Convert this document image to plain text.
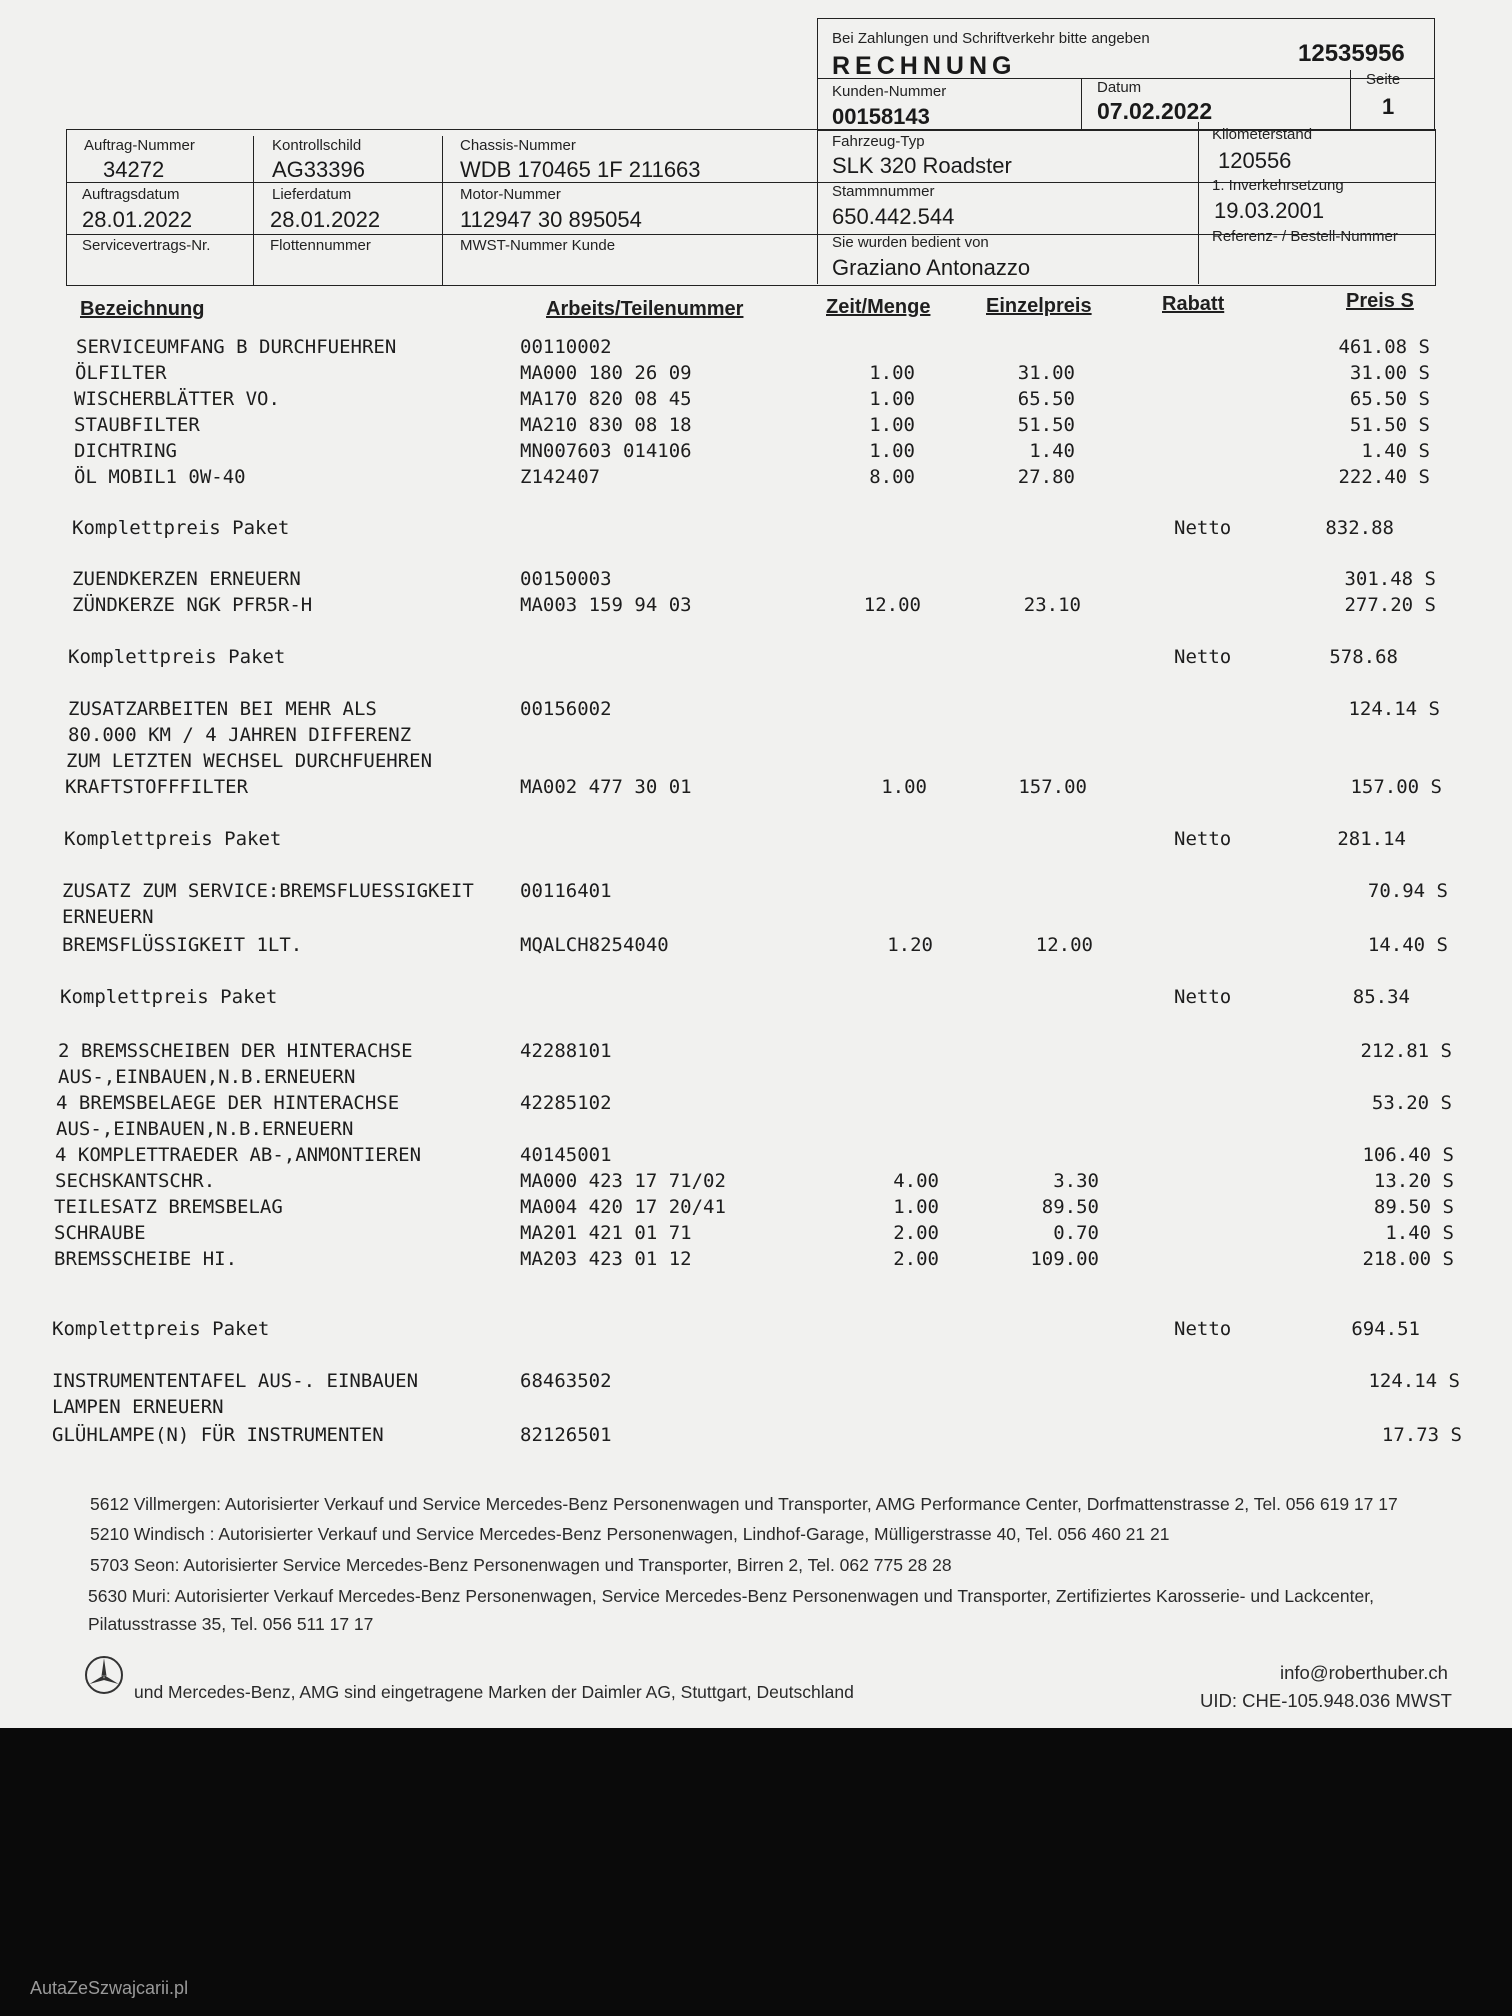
Bei Zahlungen und Schriftverkehr bitte angeben
RECHNUNG	12535956
Kunden-Nummer
00158143
Datum
07.02.2022
Seite
1
Auftrag-Nummer
34272
Kontrollschild
AG33396
Chassis-Nummer
WDB 170465 1F 211663
Fahrzeug-Typ
SLK 320 Roadster
Kilometerstand
120556
Auftragsdatum
28.01.2022
Lieferdatum
28.01.2022
Motor-Nummer
112947 30 895054
Stammnummer
650.442.544
1. Inverkehrsetzung
19.03.2001
Servicevertrags-Nr.	Flottennummer	MWST-Nummer Kunde	Sie wurden bedient von
Graziano Antonazzo
Referenz- / Bestell-Nummer
Bezeichnung	Arbeits/Teilenummer	Zeit/Menge	Einzelpreis	Rabatt	Preis S
SERVICEUMFANG B DURCHFUEHREN	00110002	461.08 S
ÖLFILTER	MA000 180 26 09	1.00	31.00	31.00 S
WISCHERBLÄTTER VO.	MA170 820 08 45	1.00	65.50	65.50 S
STAUBFILTER	MA210 830 08 18	1.00	51.50	51.50 S
DICHTRING	MN007603 014106	1.00	1.40	1.40 S
ÖL MOBIL1 0W-40	Z142407	8.00	27.80	222.40 S
Komplettpreis Paket	Netto	832.88
ZUENDKERZEN ERNEUERN	00150003	301.48 S
ZÜNDKERZE NGK PFR5R-H	MA003 159 94 03	12.00	23.10	277.20 S
Komplettpreis Paket	Netto	578.68
ZUSATZARBEITEN BEI MEHR ALS	00156002	124.14 S
80.000 KM / 4 JAHREN DIFFERENZ
ZUM LETZTEN WECHSEL DURCHFUEHREN
KRAFTSTOFFFILTER	MA002 477 30 01	1.00	157.00	157.00 S
Komplettpreis Paket	Netto	281.14
ZUSATZ ZUM SERVICE:BREMSFLUESSIGKEIT 00116401	70.94 S
ERNEUERN
BREMSFLÜSSIGKEIT 1LT.	MQALCH8254040	1.20	12.00	14.40 S
Komplettpreis Paket	Netto	85.34
2 BREMSSCHEIBEN DER HINTERACHSE	42288101	212.81 S
AUS-,EINBAUEN,N.B.ERNEUERN
4 BREMSBELAEGE DER HINTERACHSE	42285102	53.20 S
AUS-,EINBAUEN,N.B.ERNEUERN
4 KOMPLETTRAEDER AB-,ANMONTIEREN	40145001	106.40 S
SECHSKANTSCHR.	MA000 423 17 71/02	4.00	3.30	13.20 S
TEILESATZ BREMSBELAG	MA004 420 17 20/41	1.00	89.50	89.50 S
SCHRAUBE	MA201 421 01 71	2.00	0.70	1.40 S
BREMSSCHEIBE HI.	MA203 423 01 12	2.00	109.00	218.00 S
Komplettpreis Paket	Netto	694.51
INSTRUMENTENTAFEL AUS-. EINBAUEN	68463502	124.14 S
LAMPEN ERNEUERN
GLÜHLAMPE(N) FÜR INSTRUMENTEN	82126501	17.73 S
5612 Villmergen: Autorisierter Verkauf und Service Mercedes-Benz Personenwagen und Transporter, AMG Performance Center, Dorfmattenstrasse 2, Tel. 056 619 17 17
5210 Windisch : Autorisierter Verkauf und Service Mercedes-Benz Personenwagen, Lindhof-Garage, Mülligerstrasse 40, Tel. 056 460 21 21
5703 Seon: Autorisierter Service Mercedes-Benz Personenwagen und Transporter, Birren 2, Tel. 062 775 28 28
5630 Muri: Autorisierter Verkauf Mercedes-Benz Personenwagen, Service Mercedes-Benz Personenwagen und Transporter, Zertifiziertes Karosserie- und Lackcenter,
Pilatusstrasse 35, Tel. 056 511 17 17
und Mercedes-Benz, AMG sind eingetragene Marken der Daimler AG, Stuttgart, Deutschland
info@roberthuber.ch
UID: CHE-105.948.036 MWST
AutaZeSzwajcarii.pl
